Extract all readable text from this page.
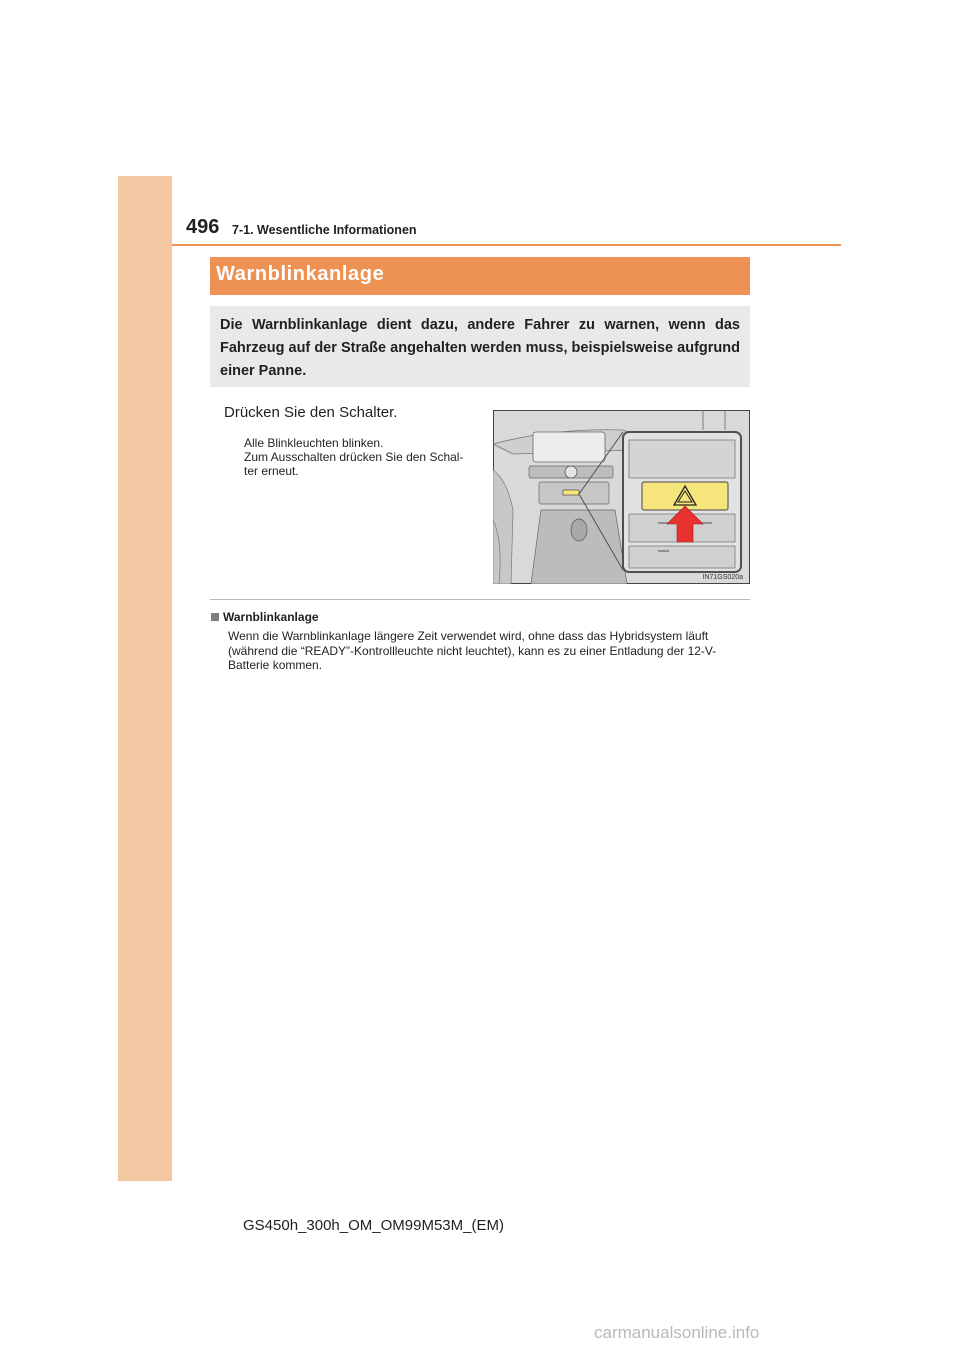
496 7-1. Wesentliche Informationen
Warnblinkanlage
Die Warnblinkanlage dient dazu, andere Fahrer zu warnen, wenn das Fahrzeug auf der Straße angehalten werden muss, beispielsweise aufgrund einer Panne.
Drücken Sie den Schalter.
Alle Blinkleuchten blinken.
Zum Ausschalten drücken Sie den Schal-
ter erneut.
IN71GS020a
Warnblinkanlage
Wenn die Warnblinkanlage längere Zeit verwendet wird, ohne dass das Hybridsystem läuft
(während die “READY”-Kontrollleuchte nicht leuchtet), kann es zu einer Entladung der 12-V-
Batterie kommen.
GS450h_300h_OM_OM99M53M_(EM)
carmanualsonline.info
